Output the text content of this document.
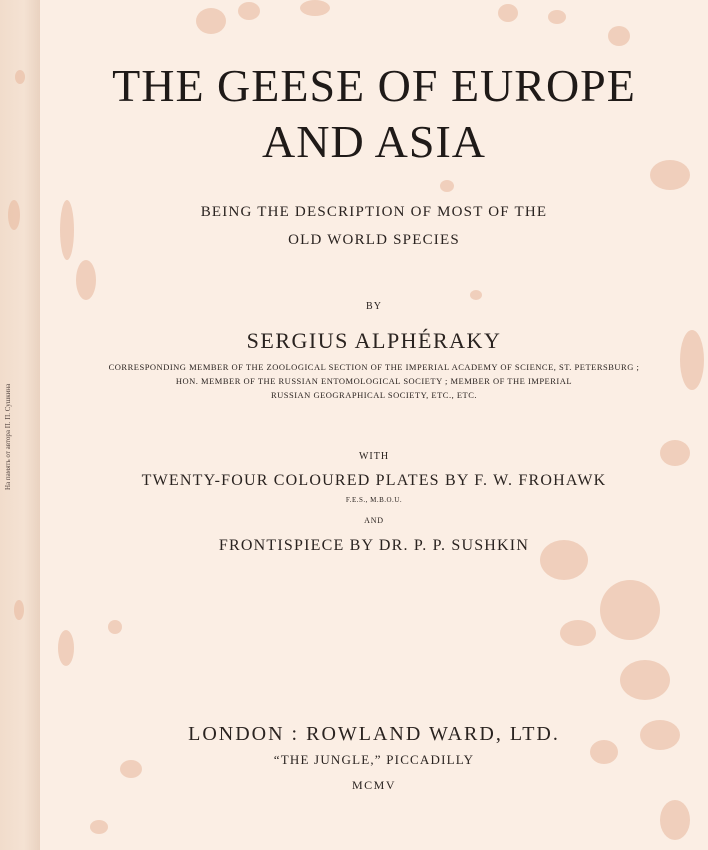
На память от автора П. П. Сушкина
THE GEESE OF EUROPE
AND ASIA
BEING THE DESCRIPTION OF MOST OF THE
OLD WORLD SPECIES
BY
SERGIUS ALPHÉRAKY
CORRESPONDING MEMBER OF THE ZOOLOGICAL SECTION OF THE IMPERIAL ACADEMY OF SCIENCE, ST. PETERSBURG ;
HON. MEMBER OF THE RUSSIAN ENTOMOLOGICAL SOCIETY ; MEMBER OF THE IMPERIAL
RUSSIAN GEOGRAPHICAL SOCIETY, ETC., ETC.
WITH
TWENTY-FOUR COLOURED PLATES BY F. W. FROHAWK
F.E.S., M.B.O.U.
AND
FRONTISPIECE BY DR. P. P. SUSHKIN
LONDON : ROWLAND WARD, LTD.
“THE JUNGLE,” PICCADILLY
MCMV
